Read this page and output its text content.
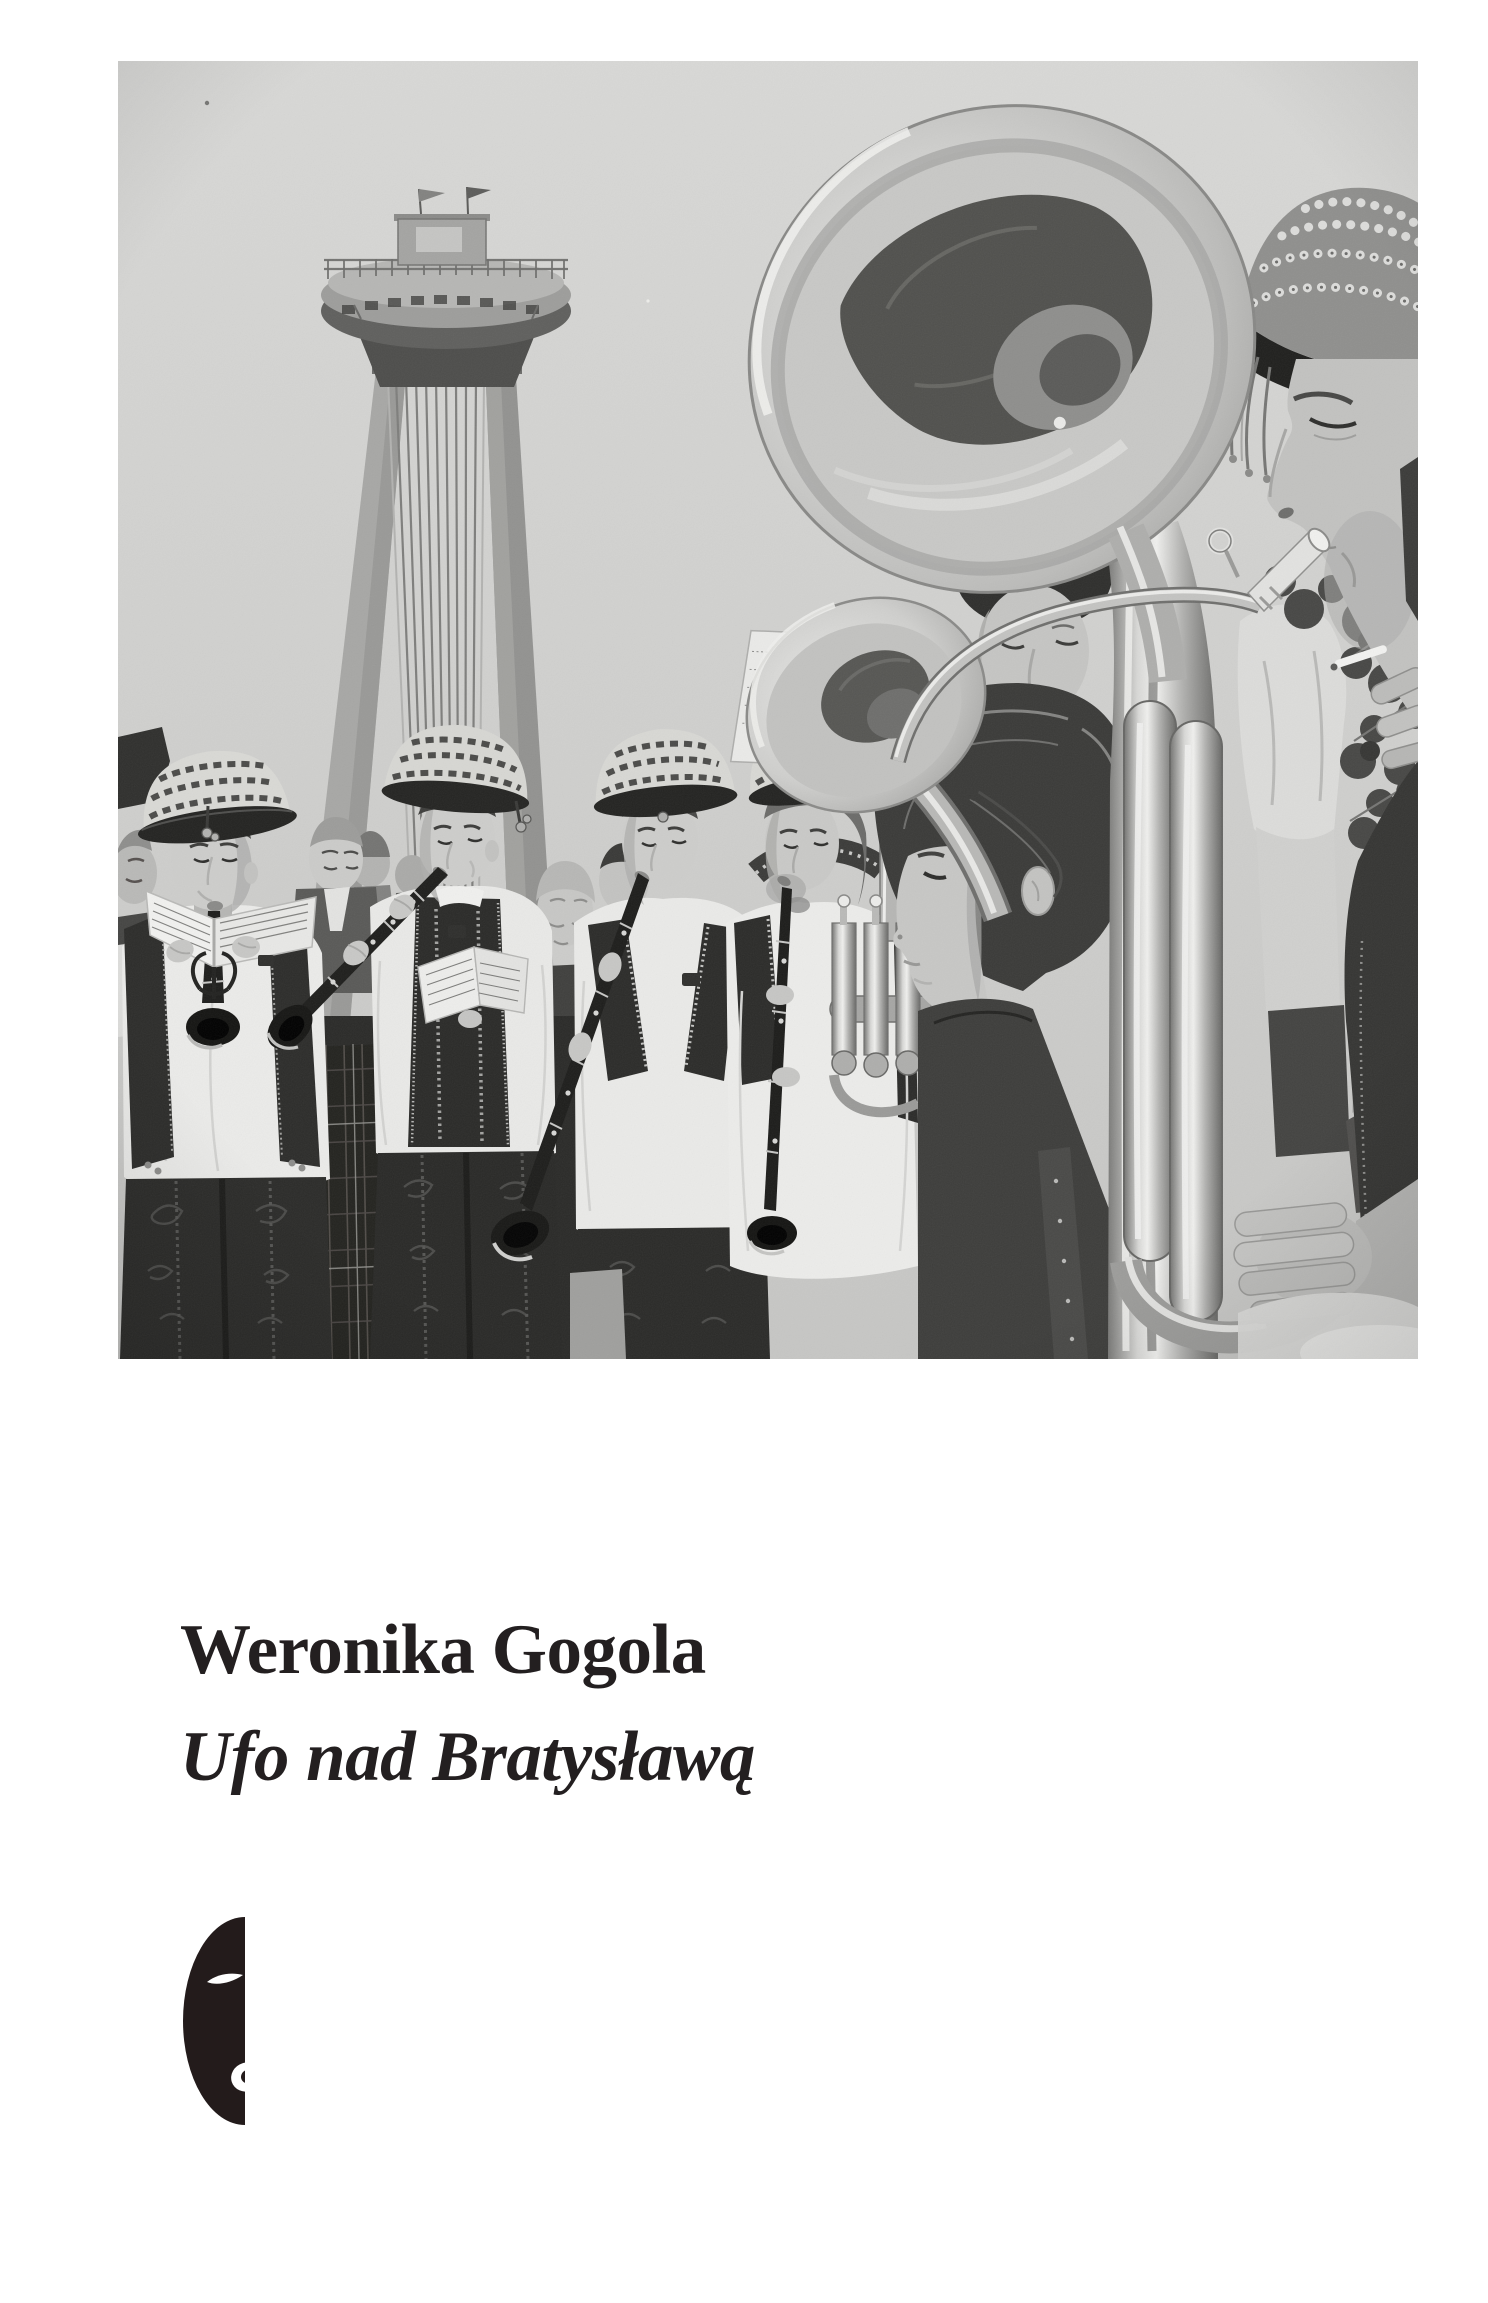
Weronika Gogola
Ufo nad Bratysławą
